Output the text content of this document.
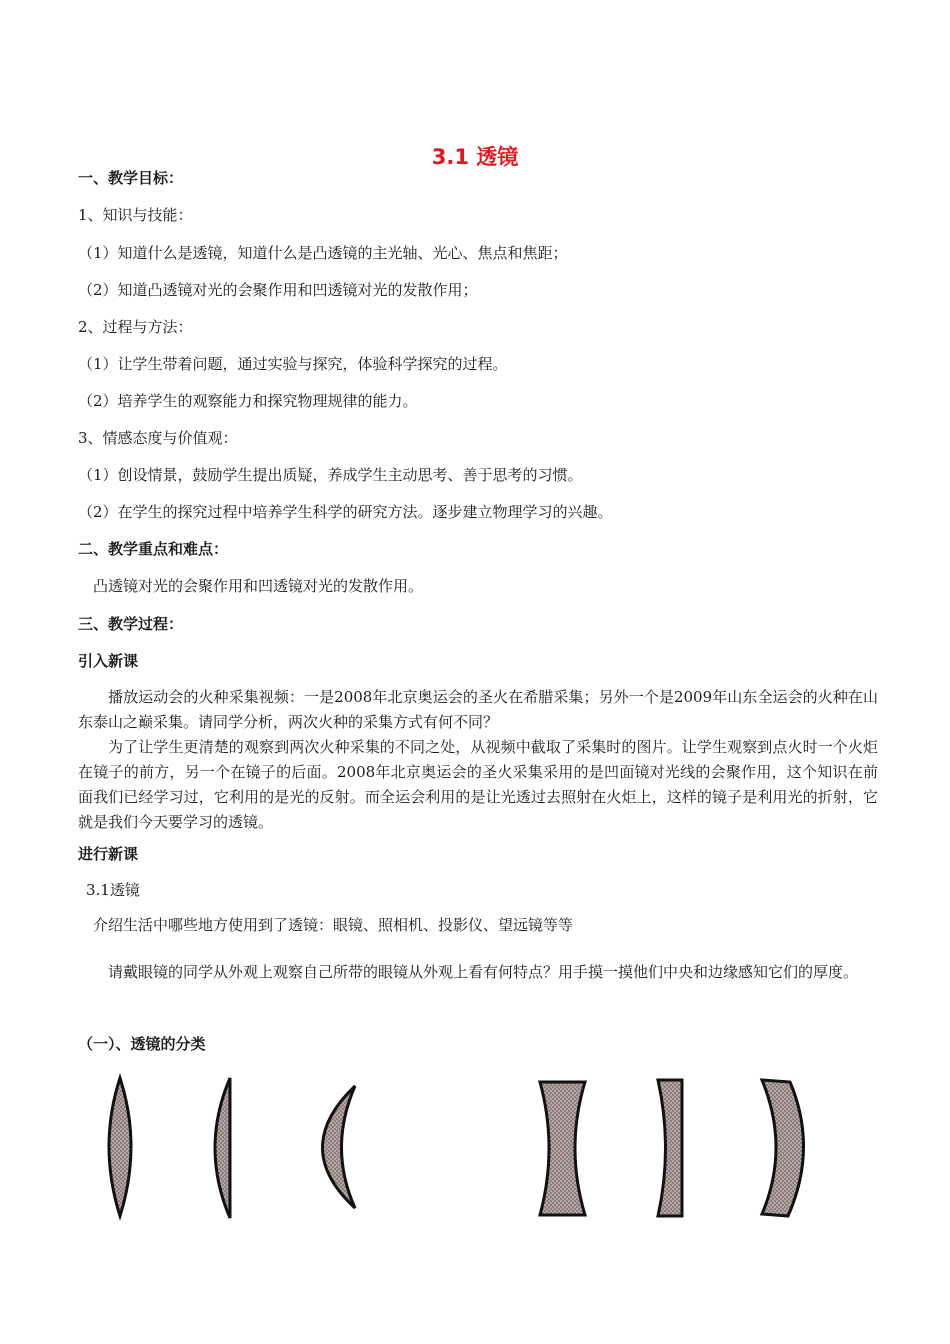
3.1 透镜
一、教学目标：
1、知识与技能：
（1）知道什么是透镜，知道什么是凸透镜的主光轴、光心、焦点和焦距；
（2）知道凸透镜对光的会聚作用和凹透镜对光的发散作用；
2、过程与方法：
（1）让学生带着问题，通过实验与探究，体验科学探究的过程。
（2）培养学生的观察能力和探究物理规律的能力。
3、情感态度与价值观：
（1）创设情景，鼓励学生提出质疑，养成学生主动思考、善于思考的习惯。
（2）在学生的探究过程中培养学生科学的研究方法。逐步建立物理学习的兴趣。
二、教学重点和难点：
凸透镜对光的会聚作用和凹透镜对光的发散作用。
三、教学过程：
引入新课
播放运动会的火种采集视频：一是2008年北京奥运会的圣火在希腊采集；另外一个是2009年山东全运会的火种在山东泰山之巅采集。请同学分析，两次火种的采集方式有何不同？
为了让学生更清楚的观察到两次火种采集的不同之处，从视频中截取了采集时的图片。让学生观察到点火时一个火炬在镜子的前方，另一个在镜子的后面。2008年北京奥运会的圣火采集采用的是凹面镜对光线的会聚作用，这个知识在前面我们已经学习过，它利用的是光的反射。而全运会利用的是让光透过去照射在火炬上，这样的镜子是利用光的折射，它就是我们今天要学习的透镜。
进行新课
3.1透镜
介绍生活中哪些地方使用到了透镜：眼镜、照相机、投影仪、望远镜等等
请戴眼镜的同学从外观上观察自己所带的眼镜从外观上看有何特点？用手摸一摸他们中央和边缘感知它们的厚度。
（一）、透镜的分类
